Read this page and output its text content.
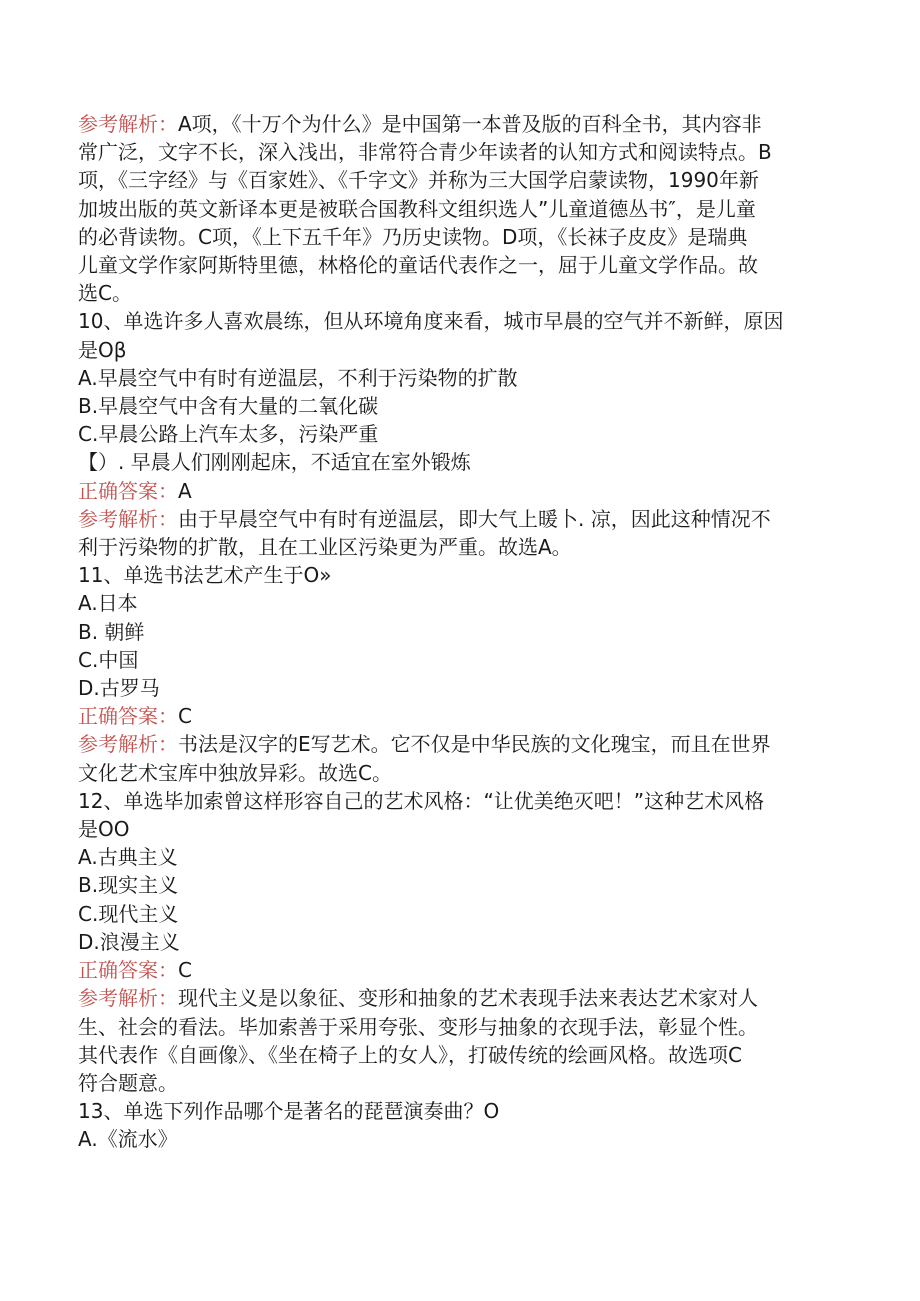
参考解析：A项，《十万个为什么》是中国第一本普及版的百科全书，其内容非

常广泛，文字不长，深入浅出，非常符合青少年读者的认知方式和阅读特点。B

项，《三字经》与《百家姓》、《千字文》并称为三大国学启蒙读物，1990年新

加坡出版的英文新译本更是被联合国教科文组织选人”儿童道德丛书″，是儿童

的必背读物。C项，《上下五千年》乃历史读物。D项，《长袜子皮皮》是瑞典

儿童文学作家阿斯特里德，林格伦的童话代表作之一，屈于儿童文学作品。故

选C。

10、单选许多人喜欢晨练，但从环境角度来看，城市早晨的空气并不新鲜，原因

是Oβ

A.早晨空气中有时有逆温层，不利于污染物的扩散

B.早晨空气中含有大量的二氧化碳

C.早晨公路上汽车太多，污染严重

【）. 早晨人们刚刚起床，不适宜在室外锻炼

正确答案：A

参考解析：由于早晨空气中有时有逆温层，即大气上暖卜. 凉，因此这种情况不

利于污染物的扩散，且在工业区污染更为严重。故选A。

11、单选书法艺术产生于O»

A.日本

B. 朝鲜

C.中国

D.古罗马

正确答案：C

参考解析：书法是汉字的E写艺术。它不仅是中华民族的文化瑰宝，而且在世界

文化艺术宝库中独放异彩。故选C。

12、单选毕加索曾这样形容自己的艺术风格：“让优美绝灭吧！”这种艺术风格

是OO

A.古典主义

B.现实主义

C.现代主义

D.浪漫主义

正确答案：C

参考解析：现代主义是以象征、变形和抽象的艺术表现手法来表达艺术家对人

生、社会的看法。毕加索善于采用夸张、变形与抽象的衣现手法，彰显个性。

其代表作《自画像》、《坐在椅子上的女人》，打破传统的绘画风格。故选项C

符合题意。

13、单选下列作品哪个是著名的琵琶演奏曲？O

A.《流水》
